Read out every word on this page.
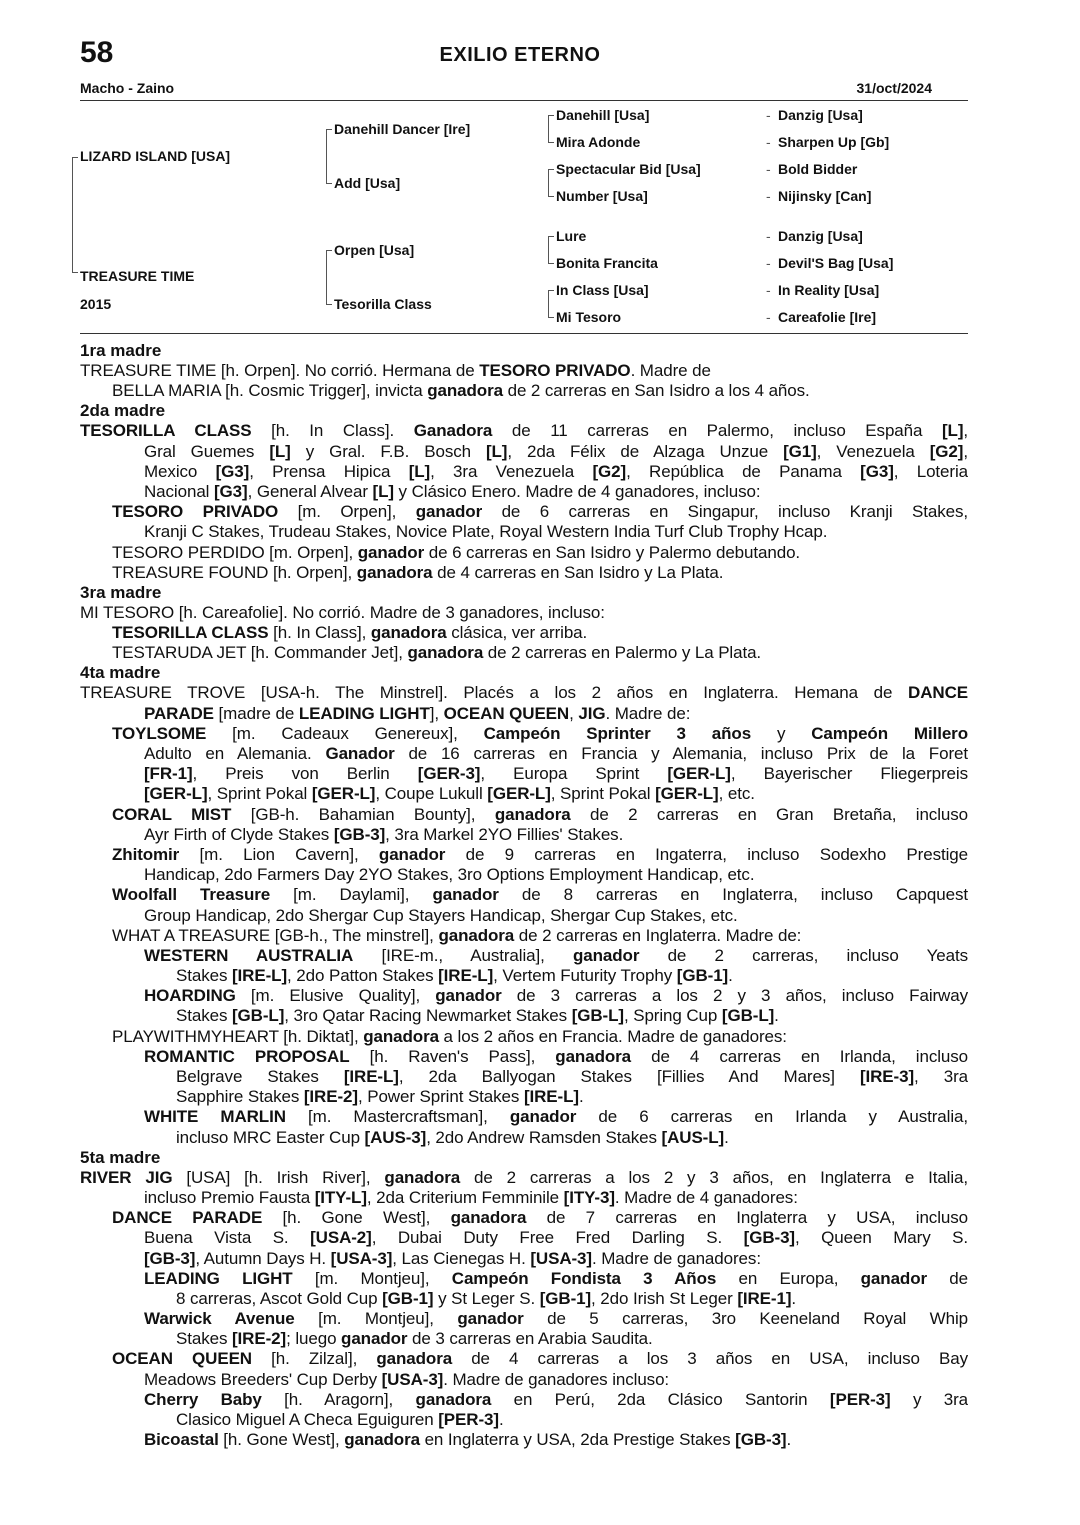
58	EXILIO ETERNO
Macho - Zaino	31/oct/2024
LIZARD ISLAND [USA]
TREASURE TIME
2015
Danehill Dancer [Ire]
Add [Usa]
Orpen [Usa]
Tesorilla Class
Danehill [Usa]
Mira Adonde
Spectacular Bid [Usa]
Number [Usa]
Lure
Bonita Francita
In Class [Usa]
Mi Tesoro
- Danzig [Usa]
- Sharpen Up [Gb]
- Bold Bidder
- Nijinsky [Can]
- Danzig [Usa]
- Devil'S Bag [Usa]
- In Reality [Usa]
- Careafolie [Ire]
1ra madre
TREASURE TIME [h. Orpen]. No corrió. Hermana de TESORO PRIVADO. Madre de
BELLA MARIA [h. Cosmic Trigger], invicta ganadora de 2 carreras en San Isidro a los 4 años.
2da madre
TESORILLA CLASS [h. In Class]. Ganadora de 11 carreras en Palermo, incluso España [L],
Gral Guemes [L] y Gral. F.B. Bosch [L], 2da Félix de Alzaga Unzue [G1], Venezuela [G2],
Mexico [G3], Prensa Hipica [L], 3ra Venezuela [G2], República de Panama [G3], Loteria
Nacional [G3], General Alvear [L] y Clásico Enero. Madre de 4 ganadores, incluso:
TESORO PRIVADO [m. Orpen], ganador de 6 carreras en Singapur, incluso Kranji Stakes,
Kranji C Stakes, Trudeau Stakes, Novice Plate, Royal Western India Turf Club Trophy Hcap.
TESORO PERDIDO [m. Orpen], ganador de 6 carreras en San Isidro y Palermo debutando.
TREASURE FOUND [h. Orpen], ganadora de 4 carreras en San Isidro y La Plata.
3ra madre
MI TESORO [h. Careafolie]. No corrió. Madre de 3 ganadores, incluso:
TESORILLA CLASS [h. In Class], ganadora clásica, ver arriba.
TESTARUDA JET [h. Commander Jet], ganadora de 2 carreras en Palermo y La Plata.
4ta madre
TREASURE TROVE [USA-h. The Minstrel]. Placés a los 2 años en Inglaterra. Hemana de DANCE
PARADE [madre de LEADING LIGHT], OCEAN QUEEN, JIG. Madre de:
TOYLSOME [m. Cadeaux Genereux], Campeón Sprinter 3 años y Campeón Millero
Adulto en Alemania. Ganador de 16 carreras en Francia y Alemania, incluso Prix de la Foret
[FR-1], Preis von Berlin [GER-3], Europa Sprint [GER-L], Bayerischer Fliegerpreis
[GER-L], Sprint Pokal [GER-L], Coupe Lukull [GER-L], Sprint Pokal [GER-L], etc.
CORAL MIST [GB-h. Bahamian Bounty], ganadora de 2 carreras en Gran Bretaña, incluso
Ayr Firth of Clyde Stakes [GB-3], 3ra Markel 2YO Fillies' Stakes.
Zhitomir [m. Lion Cavern], ganador de 9 carreras en Ingaterra, incluso Sodexho Prestige
Handicap, 2do Farmers Day 2YO Stakes, 3ro Options Employment Handicap, etc.
Woolfall Treasure [m. Daylami], ganador de 8 carreras en Inglaterra, incluso Capquest
Group Handicap, 2do Shergar Cup Stayers Handicap, Shergar Cup Stakes, etc.
WHAT A TREASURE [GB-h., The minstrel], ganadora de 2 carreras en Inglaterra. Madre de:
WESTERN AUSTRALIA [IRE-m., Australia], ganador de 2 carreras, incluso Yeats
Stakes [IRE-L], 2do Patton Stakes [IRE-L], Vertem Futurity Trophy [GB-1].
HOARDING [m. Elusive Quality], ganador de 3 carreras a los 2 y 3 años, incluso Fairway
Stakes [GB-L], 3ro Qatar Racing Newmarket Stakes [GB-L], Spring Cup [GB-L].
PLAYWITHMYHEART [h. Diktat], ganadora a los 2 años en Francia. Madre de ganadores:
ROMANTIC PROPOSAL [h. Raven's Pass], ganadora de 4 carreras en Irlanda, incluso
Belgrave Stakes [IRE-L], 2da Ballyogan Stakes [Fillies And Mares] [IRE-3], 3ra
Sapphire Stakes [IRE-2], Power Sprint Stakes [IRE-L].
WHITE MARLIN [m. Mastercraftsman], ganador de 6 carreras en Irlanda y Australia,
incluso MRC Easter Cup [AUS-3], 2do Andrew Ramsden Stakes [AUS-L].
5ta madre
RIVER JIG [USA] [h. Irish River], ganadora de 2 carreras a los 2 y 3 años, en Inglaterra e Italia,
incluso Premio Fausta [ITY-L], 2da Criterium Femminile [ITY-3]. Madre de 4 ganadores:
DANCE PARADE [h. Gone West], ganadora de 7 carreras en Inglaterra y USA, incluso
Buena Vista S. [USA-2], Dubai Duty Free Fred Darling S. [GB-3], Queen Mary S.
[GB-3], Autumn Days H. [USA-3], Las Cienegas H. [USA-3]. Madre de ganadores:
LEADING LIGHT [m. Montjeu], Campeón Fondista 3 Años en Europa, ganador de
8 carreras, Ascot Gold Cup [GB-1] y St Leger S. [GB-1], 2do Irish St Leger [IRE-1].
Warwick Avenue [m. Montjeu], ganador de 5 carreras, 3ro Keeneland Royal Whip
Stakes [IRE-2]; luego ganador de 3 carreras en Arabia Saudita.
OCEAN QUEEN [h. Zilzal], ganadora de 4 carreras a los 3 años en USA, incluso Bay
Meadows Breeders' Cup Derby [USA-3]. Madre de ganadores incluso:
Cherry Baby [h. Aragorn], ganadora en Perú, 2da Clásico Santorin [PER-3] y 3ra
Clasico Miguel A Checa Eguiguren [PER-3].
Bicoastal [h. Gone West], ganadora en Inglaterra y USA, 2da Prestige Stakes [GB-3].
